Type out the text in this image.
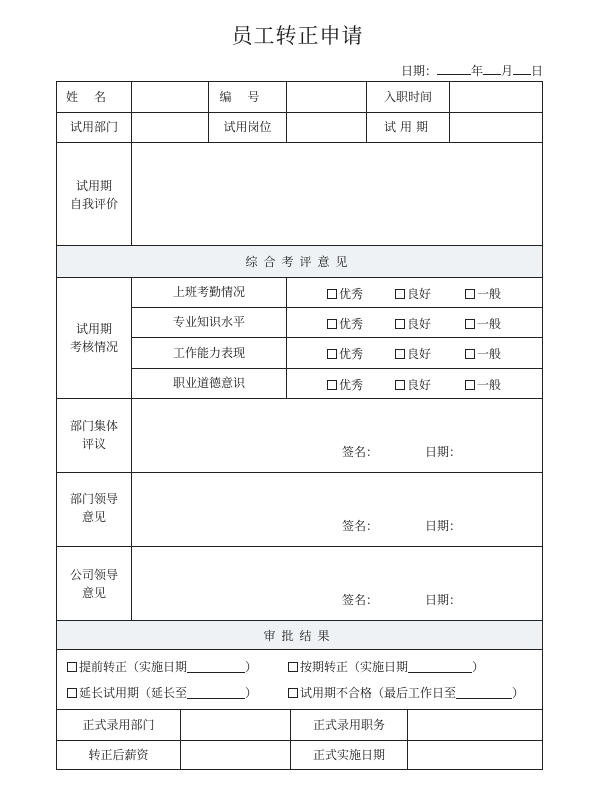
员工转正申请
日期：	年 月 日
姓名	编号	入职时间
试用部门	试用岗位	试用期
试用期
自我评价
综合考评意见
试用期
考核情况
上班考勤情况	优秀	良好	一般
专业知识水平	优秀	良好	一般
工作能力表现	优秀	良好	一般
职业道德意识	优秀	良好	一般
部门集体
评议
签名：	日期：
部门领导
意见
签名：	日期：
公司领导
意见	签名：	日期：
审批结果
提前转正（实施日期	）	按期转正（实施日期	）
延长试用期（延长至	）	试用期不合格（最后工作日至	）
正式录用部门	正式录用职务
转正后薪资	正式实施日期
